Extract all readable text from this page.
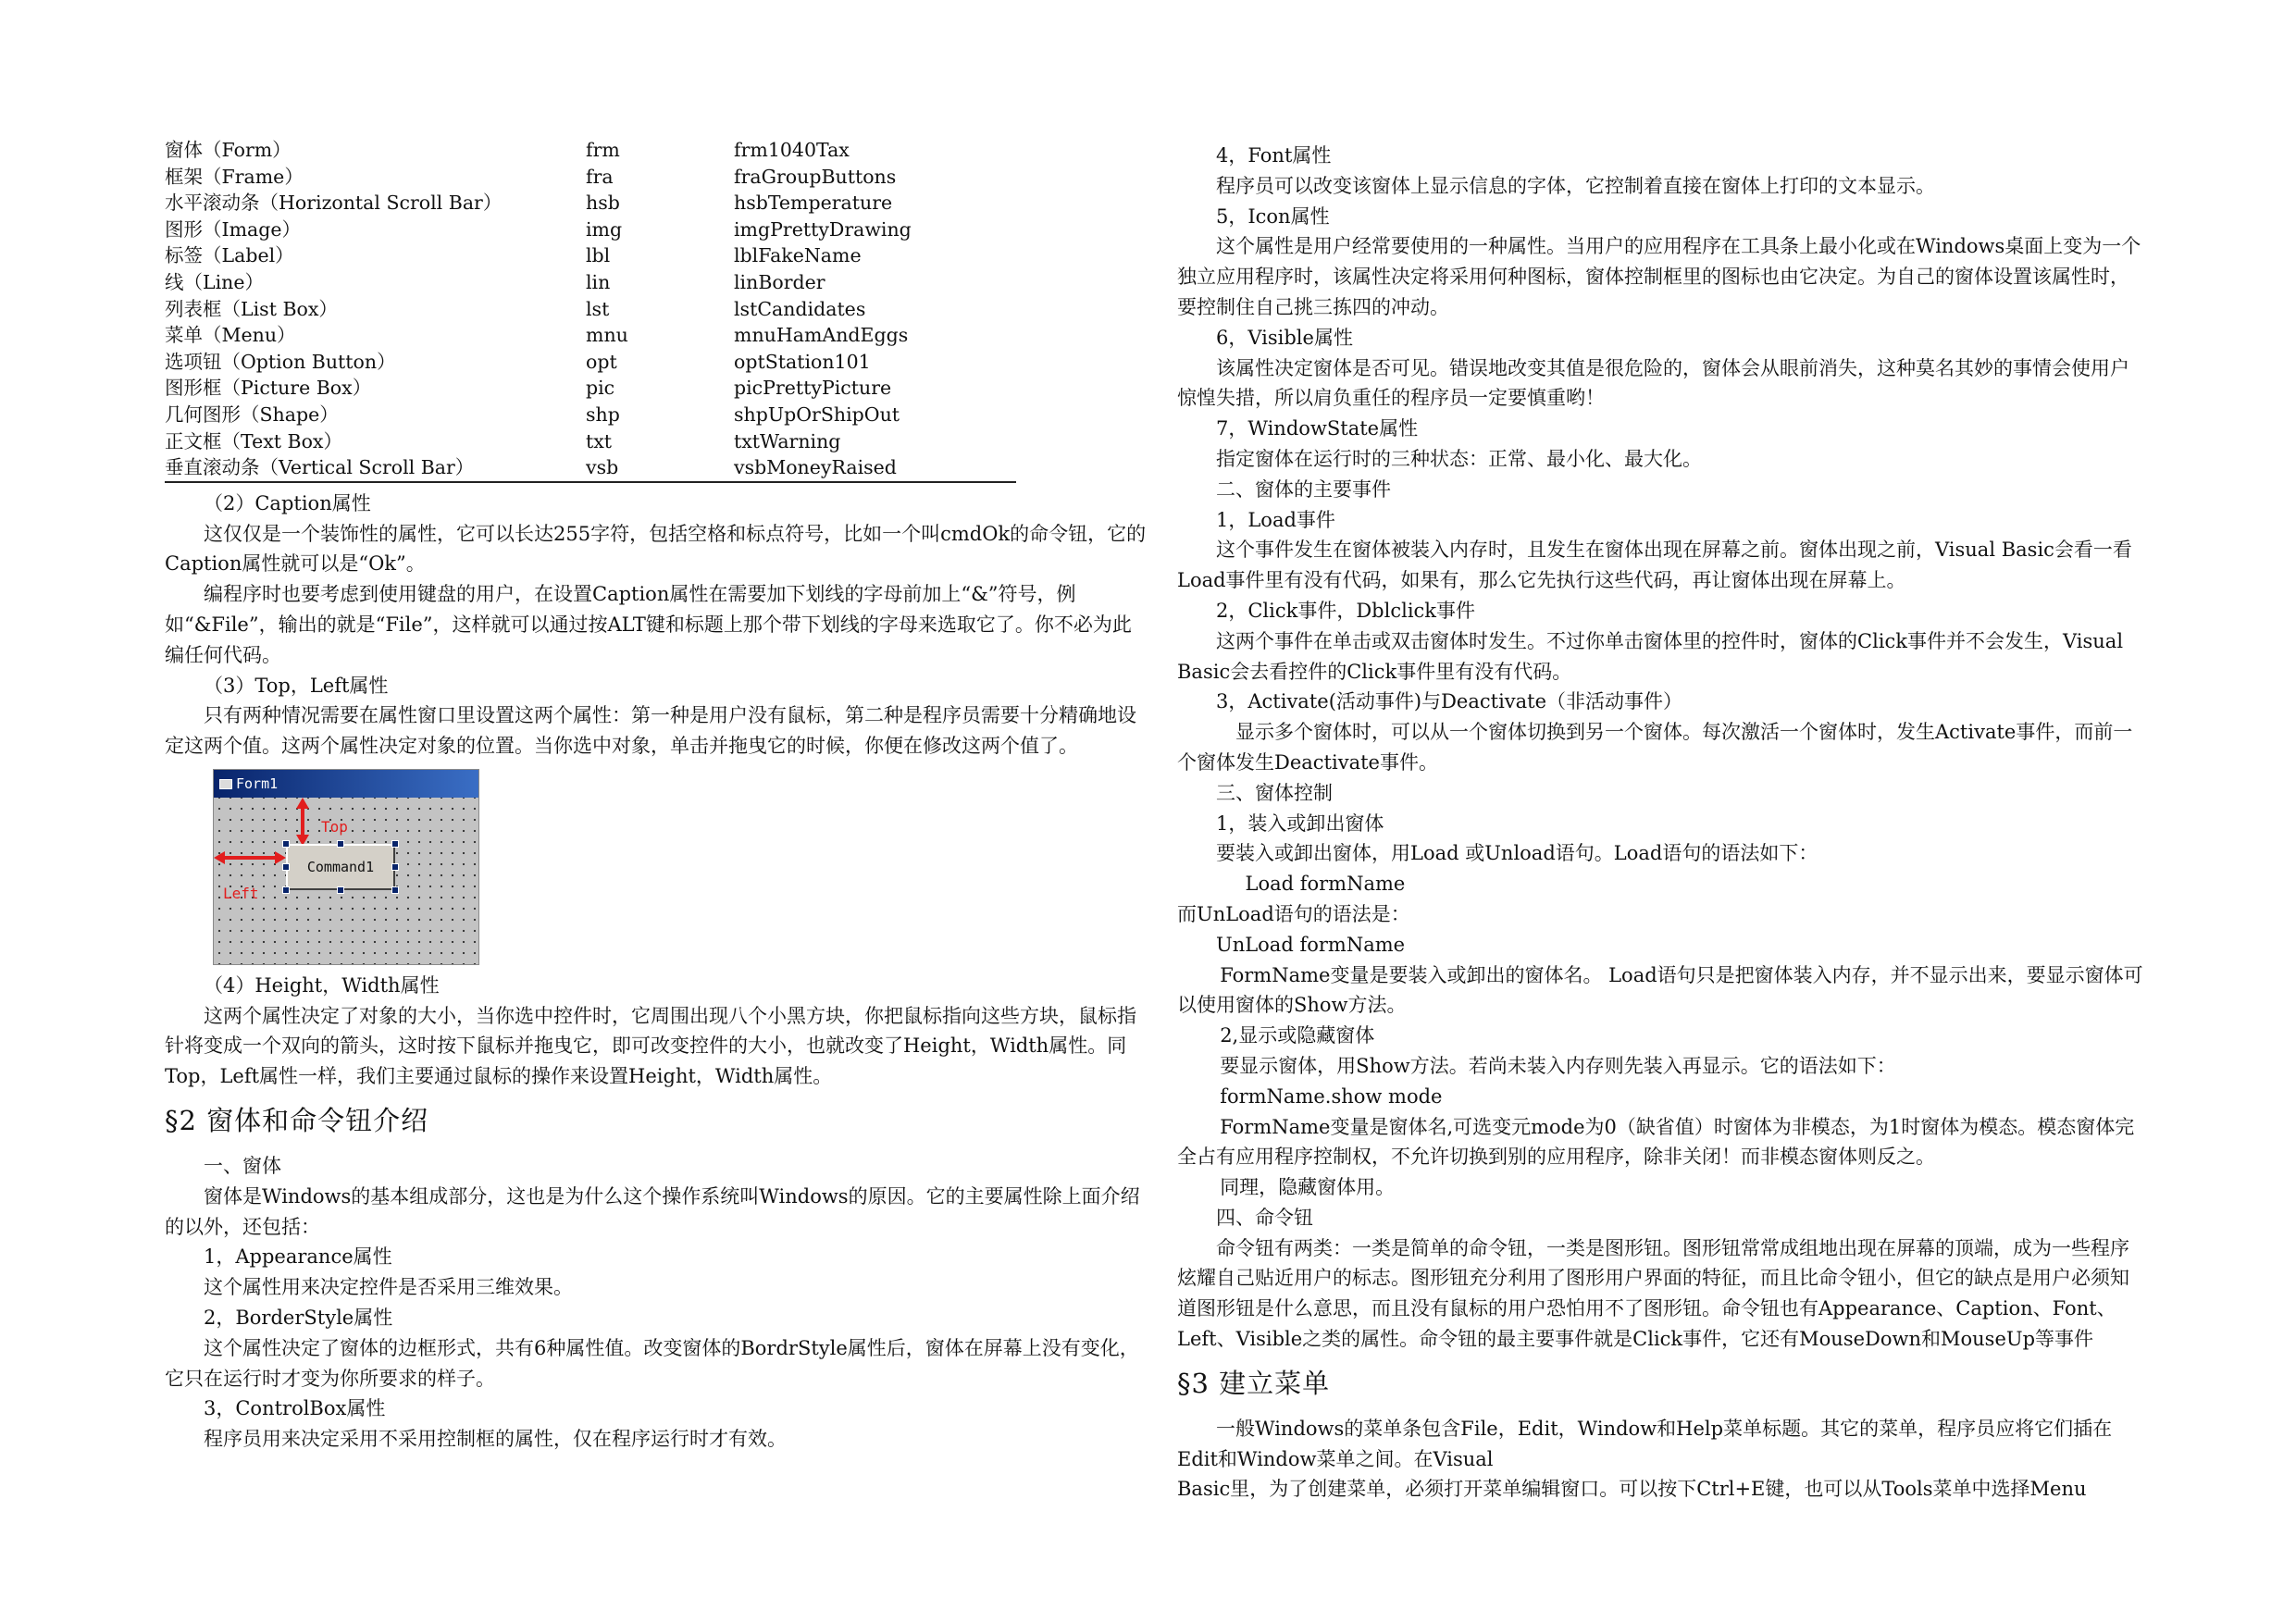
窗体（Form）	frm	frm1040Tax
框架（Frame）	fra	fraGroupButtons
水平滚动条（Horizontal Scroll Bar）	hsb	hsbTemperature
图形（Image）	img	imgPrettyDrawing
标签（Label）	lbl	lblFakeName
线（Line）	lin	linBorder
列表框（List Box）	lst	lstCandidates
菜单（Menu）	mnu	mnuHamAndEggs
选项钮（Option Button）	opt	optStation101
图形框（Picture Box）	pic	picPrettyPicture
几何图形（Shape）	shp	shpUpOrShipOut
正文框（Text Box）	txt	txtWarning
垂直滚动条（Vertical Scroll Bar）	vsb	vsbMoneyRaised

（2）Caption属性

这仅仅是一个装饰性的属性，它可以长达255字符，包括空格和标点符号，比如一个叫cmdOk的命令钮，它的Caption属性就可以是“Ok”。

编程序时也要考虑到使用键盘的用户，在设置Caption属性在需要加下划线的字母前加上“&”符号，例如“&File”，输出的就是“File”，这样就可以通过按ALT键和标题上那个带下划线的字母来选取它了。你不必为此编任何代码。

（3）Top，Left属性

只有两种情况需要在属性窗口里设置这两个属性：第一种是用户没有鼠标，第二种是程序员需要十分精确地设定这两个值。这两个属性决定对象的位置。当你选中对象，单击并拖曳它的时候，你便在修改这两个值了。

Form1
Top
Left
Command1

（4）Height，Width属性

这两个属性决定了对象的大小，当你选中控件时，它周围出现八个小黑方块，你把鼠标指向这些方块，鼠标指针将变成一个双向的箭头，这时按下鼠标并拖曳它，即可改变控件的大小，也就改变了Height，Width属性。同Top，Left属性一样，我们主要通过鼠标的操作来设置Height，Width属性。

§2 窗体和命令钮介绍

一、窗体

窗体是Windows的基本组成部分，这也是为什么这个操作系统叫Windows的原因。它的主要属性除上面介绍的以外，还包括：

1，Appearance属性

这个属性用来决定控件是否采用三维效果。

2，BorderStyle属性

这个属性决定了窗体的边框形式，共有6种属性值。改变窗体的BordrStyle属性后，窗体在屏幕上没有变化，它只在运行时才变为你所要求的样子。

3，ControlBox属性

程序员用来决定采用不采用控制框的属性，仅在程序运行时才有效。

4，Font属性

程序员可以改变该窗体上显示信息的字体，它控制着直接在窗体上打印的文本显示。

5，Icon属性

这个属性是用户经常要使用的一种属性。当用户的应用程序在工具条上最小化或在Windows桌面上变为一个独立应用程序时，该属性决定将采用何种图标，窗体控制框里的图标也由它决定。为自己的窗体设置该属性时，要控制住自己挑三拣四的冲动。

6，Visible属性

该属性决定窗体是否可见。错误地改变其值是很危险的，窗体会从眼前消失，这种莫名其妙的事情会使用户惊惶失措，所以肩负重任的程序员一定要慎重哟！

7，WindowState属性

指定窗体在运行时的三种状态：正常、最小化、最大化。

二、窗体的主要事件

1，Load事件

这个事件发生在窗体被装入内存时，且发生在窗体出现在屏幕之前。窗体出现之前，Visual Basic会看一看Load事件里有没有代码，如果有，那么它先执行这些代码，再让窗体出现在屏幕上。

2，Click事件，Dblclick事件

这两个事件在单击或双击窗体时发生。不过你单击窗体里的控件时，窗体的Click事件并不会发生，Visual Basic会去看控件的Click事件里有没有代码。

3，Activate(活动事件)与Deactivate（非活动事件）

显示多个窗体时，可以从一个窗体切换到另一个窗体。每次激活一个窗体时，发生Activate事件，而前一个窗体发生Deactivate事件。

三、窗体控制

1，装入或卸出窗体

要装入或卸出窗体，用Load 或Unload语句。Load语句的语法如下：

Load formName

而UnLoad语句的语法是：

UnLoad formName

FormName变量是要装入或卸出的窗体名。 Load语句只是把窗体装入内存，并不显示出来，要显示窗体可以使用窗体的Show方法。

2,显示或隐藏窗体

要显示窗体，用Show方法。若尚未装入内存则先装入再显示。它的语法如下：

formName.show mode

FormName变量是窗体名,可选变元mode为0（缺省值）时窗体为非模态，为1时窗体为模态。模态窗体完全占有应用程序控制权，不允许切换到别的应用程序，除非关闭！而非模态窗体则反之。

同理，隐藏窗体用。

四、命令钮

命令钮有两类：一类是简单的命令钮，一类是图形钮。图形钮常常成组地出现在屏幕的顶端，成为一些程序炫耀自己贴近用户的标志。图形钮充分利用了图形用户界面的特征，而且比命令钮小，但它的缺点是用户必须知道图形钮是什么意思，而且没有鼠标的用户恐怕用不了图形钮。命令钮也有Appearance、Caption、Font、Left、Visible之类的属性。命令钮的最主要事件就是Click事件，它还有MouseDown和MouseUp等事件

§3 建立菜单

一般Windows的菜单条包含File，Edit，Window和Help菜单标题。其它的菜单，程序员应将它们插在Edit和Window菜单之间。在Visual

Basic里，为了创建菜单，必须打开菜单编辑窗口。可以按下Ctrl+E键，也可以从Tools菜单中选择Menu
